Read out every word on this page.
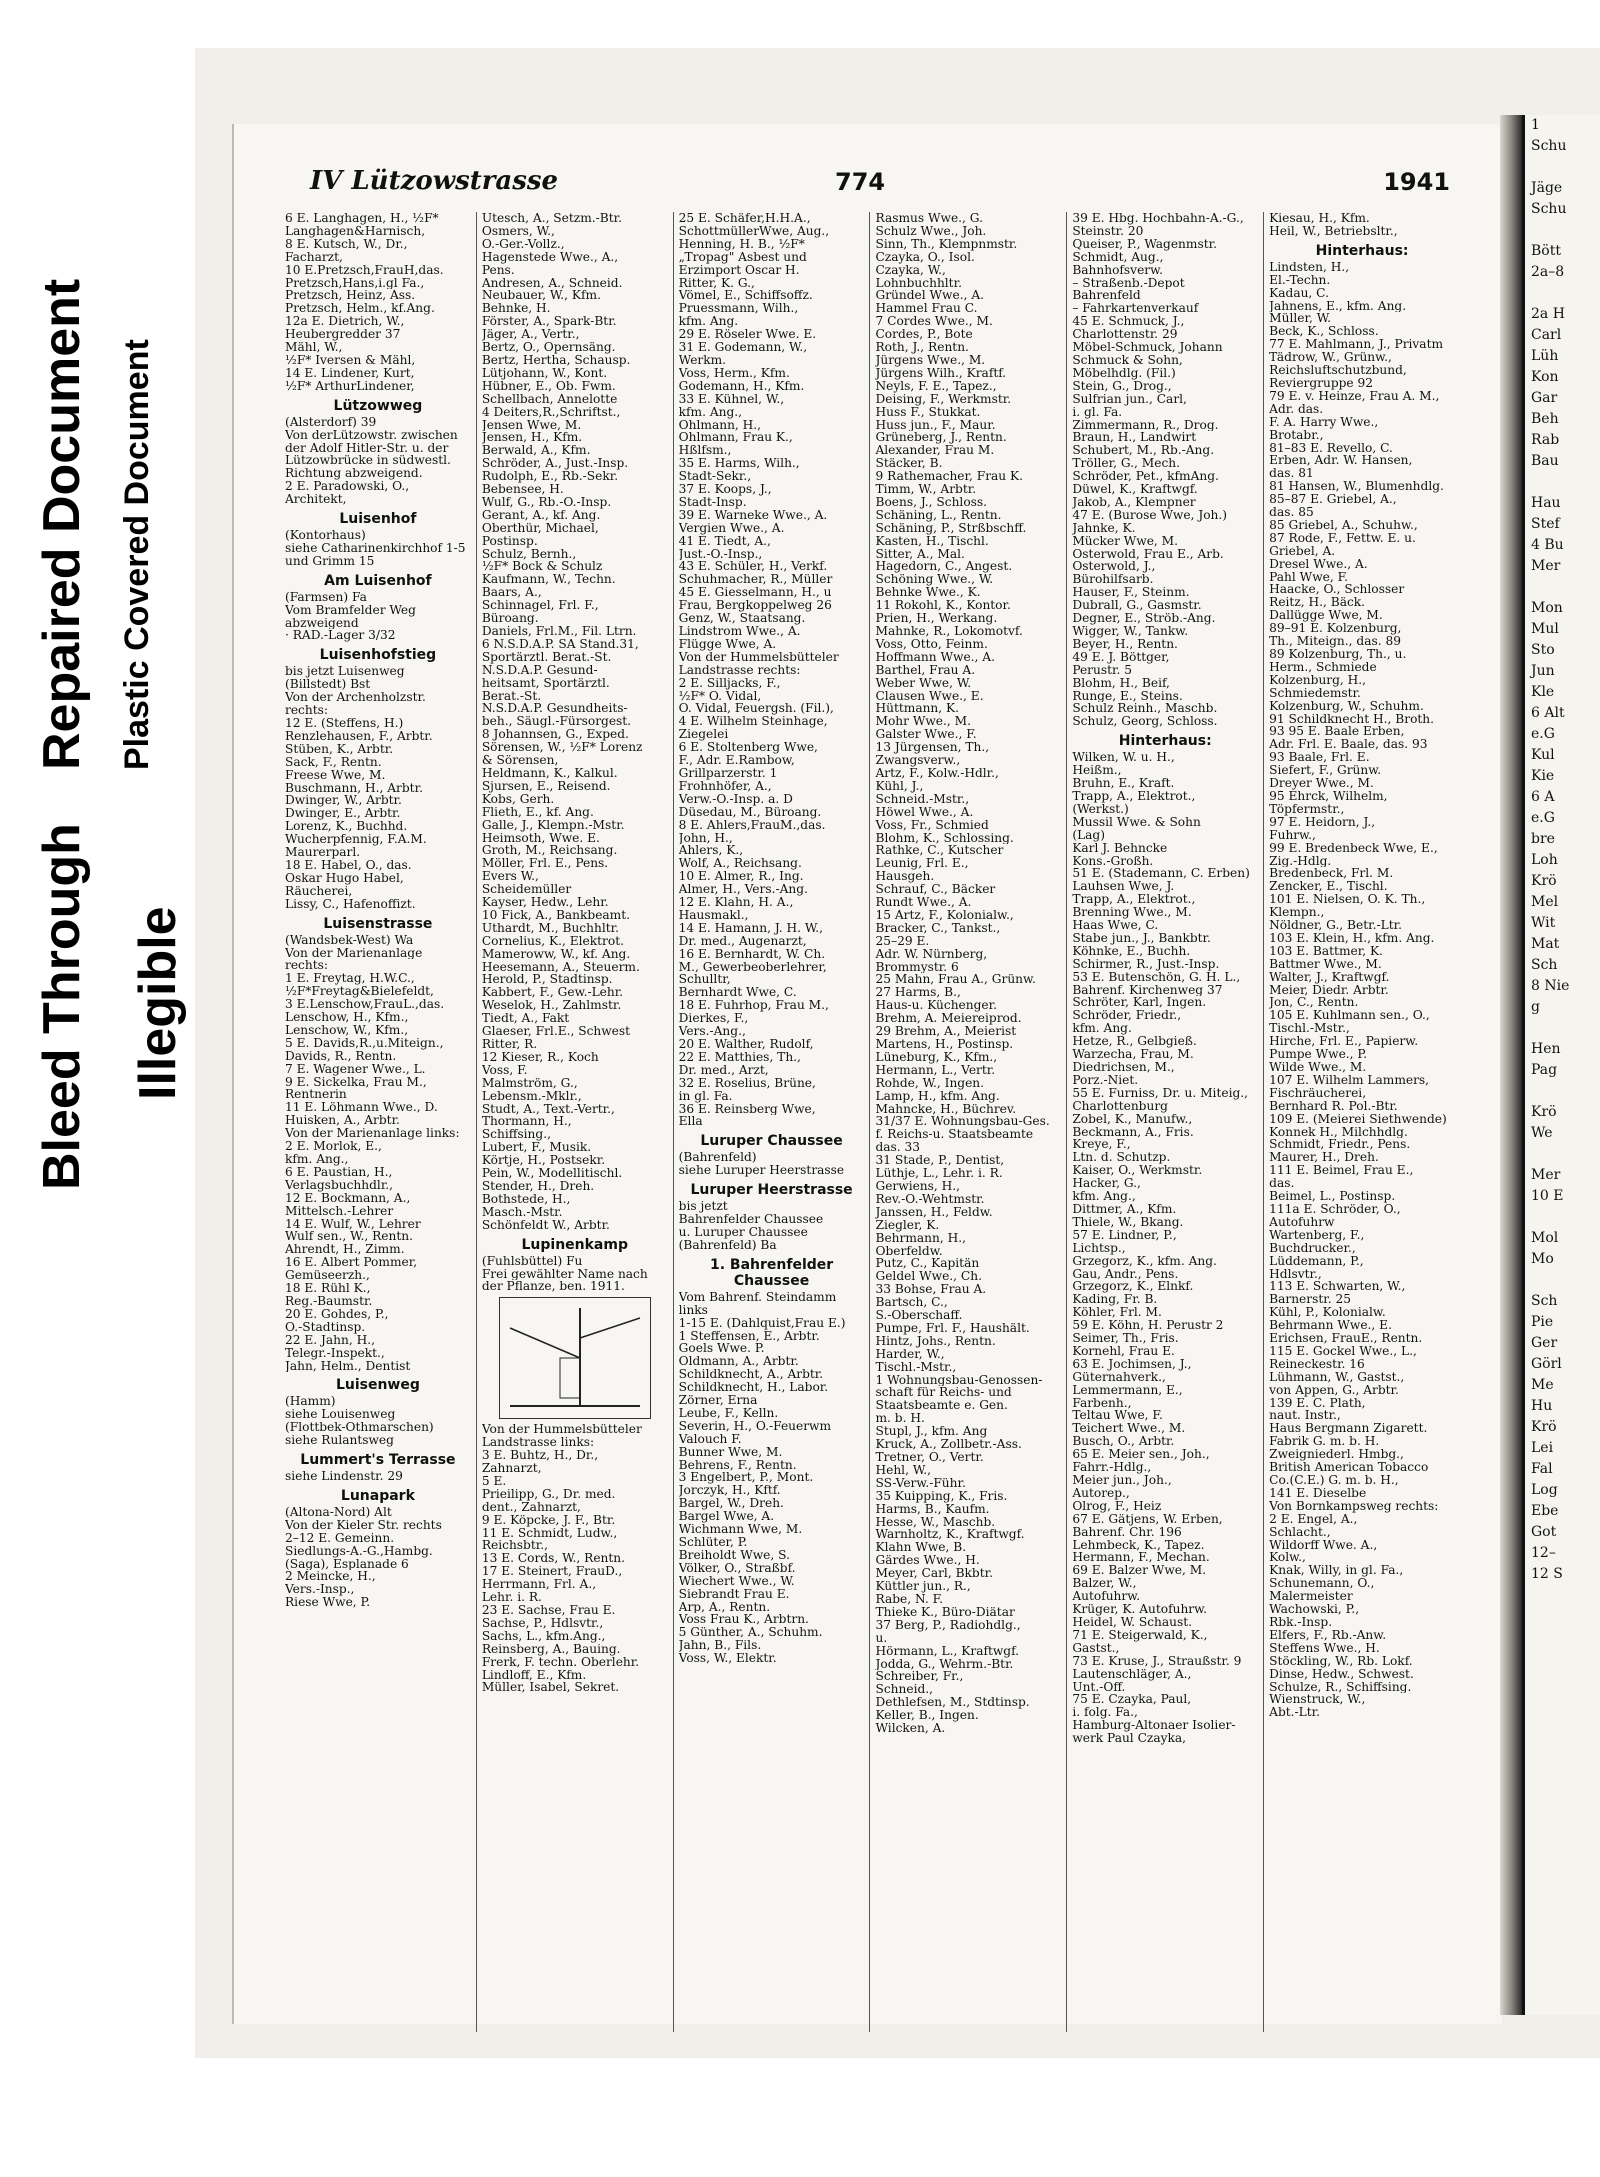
Bleed Through
Repaired Document
Illegible
Plastic Covered Document
1
Schu

Jäge
Schu

Bött
2a–8

2a H
Carl
Lüh
Kon
Gar
Beh
Rab
Bau

Hau
Stef
4 Bu
Mer

Mon
Mul
Sto
Jun
Kle
6 Alt
e.G
Kul
Kie
6 A
e.G
bre
Loh
Krö
Mel
Wit
Mat
Sch
8 Nie
g

Hen
Pag

Krö
We

Mer
10 E

Mol
Mo

Sch
Pie
Ger
Görl
Me
Hu
Krö
Lei
Fal
Log
Ebe
Got
12–
12 S
IV Lützowstrasse	774	1941
6 E. Langhagen, H., ½F*
Langhagen&Harnisch,
8 E. Kutsch, W., Dr.,
Facharzt,
10 E.Pretzsch,FrauH,das.
Pretzsch,Hans,i.gl Fa.,
Pretzsch, Heinz, Ass.
Pretzsch, Helm., kf.Ang.
12a E. Dietrich, W.,
Heubergredder 37
Mähl, W.,
½F* Iversen & Mähl,
14 E. Lindener, Kurt,
½F* ArthurLindener,
Lützowweg
(Alsterdorf) 39
Von derLützowstr. zwischen
der Adolf Hitler-Str. u. der
Lützowbrücke in südwestl.
Richtung abzweigend.
2 E. Paradowski, O.,
Architekt,
Luisenhof
(Kontorhaus)
siehe Catharinenkirchhof 1-5
und Grimm 15
Am Luisenhof
(Farmsen) Fa
Vom Bramfelder Weg
abzweigend
· RAD.-Lager 3/32
Luisenhofstieg
bis jetzt Luisenweg
(Billstedt) Bst
Von der Archenholzstr.
rechts:
12 E. (Steffens, H.)
Renzlehausen, F., Arbtr.
Stüben, K., Arbtr.
Sack, F., Rentn.
Freese Wwe, M.
Buschmann, H., Arbtr.
Dwinger, W., Arbtr.
Dwinger, E., Arbtr.
Lorenz, K., Buchhd.
Wucherpfennig, F.A.M.
Maurerparl.
18 E. Habel, O., das.
Oskar Hugo Habel,
Räucherei,
Lissy, C., Hafenoffizt.
Luisenstrasse
(Wandsbek-West) Wa
Von der Marienanlage
rechts:
1 E. Freytag, H.W.C.,
½F*Freytag&Bielefeldt,
3 E.Lenschow,FrauL.,das.
Lenschow, H., Kfm.,
Lenschow, W., Kfm.,
5 E. Davids,R.,u.Miteign.,
Davids, R., Rentn.
7 E. Wagener Wwe., L.
9 E. Sickelka, Frau M.,
Rentnerin
11 E. Löhmann Wwe., D.
Huisken, A., Arbtr.
Von der Marienanlage links:
2 E. Morlok, E.,
kfm. Ang.,
6 E. Paustian, H.,
Verlagsbuchhdlr.,
12 E. Bockmann, A.,
Mittelsch.-Lehrer
14 E. Wulf, W., Lehrer
Wulf sen., W., Rentn.
Ahrendt, H., Zimm.
16 E. Albert Pommer,
Gemüseerzh.,
18 E. Rühl K.,
Reg.-Baumstr.
20 E. Gohdes, P.,
O.-Stadtinsp.
22 E. Jahn, H.,
Telegr.-Inspekt.,
Jahn, Helm., Dentist
Luisenweg
(Hamm)
siehe Louisenweg
(Flottbek-Othmarschen)
siehe Rulantsweg
Lummert's Terrasse
siehe Lindenstr. 29
Lunapark
(Altona-Nord) Alt
Von der Kieler Str. rechts
2–12 E. Gemeinn.
Siedlungs-A.-G.,Hambg.
(Saga), Esplanade 6
2 Meincke, H.,
Vers.-Insp.,
Riese Wwe, P.
Utesch, A., Setzm.-Btr.
Osmers, W.,
O.-Ger.-Vollz.,
Hagenstede Wwe., A.,
Pens.
Andresen, A., Schneid.
Neubauer, W., Kfm.
Behnke, H.
Förster, A., Spark-Btr.
Jäger, A., Vertr.,
Bertz, O., Opernsäng.
Bertz, Hertha, Schausp.
Lütjohann, W., Kont.
Hübner, E., Ob. Fwm.
Schellbach, Annelotte
4 Deiters,R.,Schriftst.,
Jensen Wwe, M.
Jensen, H., Kfm.
Berwald, A., Kfm.
Schröder, A., Just.-Insp.
Rudolph, E., Rb.-Sekr.
Bebensee, H.
Wulf, G., Rb.-O.-Insp.
Gerant, A., kf. Ang.
Oberthür, Michael,
Postinsp.
Schulz, Bernh.,
½F* Bock & Schulz
Kaufmann, W., Techn.
Baars, A.,
Schinnagel, Frl. F.,
Büroang.
Daniels, Frl.M., Fil. Ltrn.
6 N.S.D.A.P. SA Stand.31,
Sportärztl. Berat.-St.
N.S.D.A.P. Gesund-
heitsamt, Sportärztl.
Berat.-St.
N.S.D.A.P. Gesundheits-
beh., Säugl.-Fürsorgest.
8 Johannsen, G., Exped.
Sörensen, W., ½F* Lorenz
& Sörensen,
Heldmann, K., Kalkul.
Sjursen, E., Reisend.
Kobs, Gerh.
Flieth, E., kf. Ang.
Galle, J., Klempn.-Mstr.
Heimsoth, Wwe. E.
Groth, M., Reichsang.
Möller, Frl. E., Pens.
Evers W.,
Scheidemüller
Kayser, Hedw., Lehr.
10 Fick, A., Bankbeamt.
Uthardt, M., Buchhltr.
Cornelius, K., Elektrot.
Mameroww, W., kf. Ang.
Heesemann, A., Steuerm.
Herold, P., Stadtinsp.
Kabbert, F., Gew.-Lehr.
Weselok, H., Zahlmstr.
Tiedt, A., Fakt
Glaeser, Frl.E., Schwest
Ritter, R.
12 Kieser, R., Koch
Voss, F.
Malmström, G.,
Lebensm.-Mklr.,
Studt, A., Text.-Vertr.,
Thormann, H.,
Schiffsing.,
Lubert, F., Musik.
Körtje, H., Postsekr.
Pein, W., Modellitischl.
Stender, H., Dreh.
Bothstede, H.,
Masch.-Mstr.
Schönfeldt W., Arbtr.
Lupinenkamp
(Fuhlsbüttel) Fu
Frei gewählter Name nach
der Pflanze, ben. 1911.
Von der Hummelsbütteler
Landstrasse links:
3 E. Buhtz, H., Dr.,
Zahnarzt,
5 E.
Prieilipp, G., Dr. med.
dent., Zahnarzt,
9 E. Köpcke, J. F., Btr.
11 E. Schmidt, Ludw.,
Reichsbtr.,
13 E. Cords, W., Rentn.
17 E. Steinert, FrauD.,
Herrmann, Frl. A.,
Lehr. i. R.
23 E. Sachse, Frau E.
Sachse, P., Hdlsvtr.,
Sachs, L., kfm.Ang.,
Reinsberg, A., Bauing.
Frerk, F. techn. Oberlehr.
Lindloff, E., Kfm.
Müller, Isabel, Sekret.
25 E. Schäfer,H.H.A.,
SchottmüllerWwe, Aug.,
Henning, H. B., ½F*
„Tropag" Asbest und
Erzimport Oscar H.
Ritter, K. G.,
Vömel, E., Schiffsoffz.
Pruessmann, Wilh.,
kfm. Ang.
29 E. Röseler Wwe. E.
31 E. Godemann, W.,
Werkm.
Voss, Herm., Kfm.
Godemann, H., Kfm.
33 E. Kühnel, W.,
kfm. Ang.,
Ohlmann, H.,
Ohlmann, Frau K.,
Hßlfsm.,
35 E. Harms, Wilh.,
Stadt-Sekr.,
37 E. Koops, J.,
Stadt-Insp.
39 E. Warneke Wwe., A.
Vergien Wwe., A.
41 E. Tiedt, A.,
Just.-O.-Insp.,
43 E. Schüler, H., Verkf.
Schuhmacher, R., Müller
45 E. Giesselmann, H., u
Frau, Bergkoppelweg 26
Genz, W., Staatsang.
Lindstrom Wwe., A.
Flügge Wwe, A.
Von der Hummelsbütteler
Landstrasse rechts:
2 E. Silljacks, F.,
½F* O. Vidal,
O. Vidal, Feuergsh. (Fil.),
4 E. Wilhelm Steinhage,
Ziegelei
6 E. Stoltenberg Wwe,
F., Adr. E.Rambow,
Grillparzerstr. 1
Frohnhöfer, A.,
Verw.-O.-Insp. a. D
Düsedau, M., Büroang.
8 E. Ahlers,FrauM.,das.
John, H.,
Ahlers, K.,
Wolf, A., Reichsang.
10 E. Almer, R., Ing.
Almer, H., Vers.-Ang.
12 E. Klahn, H. A.,
Hausmakl.,
14 E. Hamann, J. H. W.,
Dr. med., Augenarzt,
16 E. Bernhardt, W. Ch.
M., Gewerbeoberlehrer,
Schulltr,
Bernhardt Wwe, C.
18 E. Fuhrhop, Frau M.,
Dierkes, F.,
Vers.-Ang.,
20 E. Walther, Rudolf,
22 E. Matthies, Th.,
Dr. med., Arzt,
32 E. Roselius, Brüne,
in gl. Fa.
36 E. Reinsberg Wwe,
Ella
Luruper Chaussee
(Bahrenfeld)
siehe Luruper Heerstrasse
Luruper Heerstrasse
bis jetzt
Bahrenfelder Chaussee
u. Luruper Chaussee
(Bahrenfeld) Ba
1. Bahrenfelder Chaussee
Vom Bahrenf. Steindamm
links
1-15 E. (Dahlquist,Frau E.)
1 Steffensen, E., Arbtr.
Goels Wwe. P.
Oldmann, A., Arbtr.
Schildknecht, A., Arbtr.
Schildknecht, H., Labor.
Zörner, Erna
Leube, F., Kelln.
Severin, H., O.-Feuerwm
Valouch F.
Bunner Wwe, M.
Behrens, F., Rentn.
3 Engelbert, P., Mont.
Jorczyk, H., Kftf.
Bargel, W., Dreh.
Bargel Wwe, A.
Wichmann Wwe, M.
Schlüter, P.
Breiholdt Wwe, S.
Völker, O., Straßbf.
Wiechert Wwe., W.
Siebrandt Frau E.
Arp, A., Rentn.
Voss Frau K., Arbtrn.
5 Günther, A., Schuhm.
Jahn, B., Fils.
Voss, W., Elektr.
Rasmus Wwe., G.
Schulz Wwe., Joh.
Sinn, Th., Klempnmstr.
Czayka, O., Isol.
Czayka, W.,
Lohnbuchhltr.
Gründel Wwe., A.
Hammel Frau C.
7 Cordes Wwe., M.
Cordes, P., Bote
Roth, J., Rentn.
Jürgens Wwe., M.
Jürgens Wilh., Kraftf.
Neyls, F. E., Tapez.,
Deising, F., Werkmstr.
Huss F., Stukkat.
Huss jun., F., Maur.
Grüneberg, J., Rentn.
Alexander, Frau M.
Stäcker, B.
9 Rathemacher, Frau K.
Timm, W., Arbtr.
Boens, J., Schloss.
Schäning, L., Rentn.
Schäning, P., Strßbschff.
Kasten, H., Tischl.
Sitter, A., Mal.
Hagedorn, C., Angest.
Schöning Wwe., W.
Behnke Wwe., K.
11 Rokohl, K., Kontor.
Prien, H., Werkang.
Mahnke, R., Lokomotvf.
Voss, Otto, Feinm.
Hoffmann Wwe., A.
Barthel, Frau A.
Weber Wwe, W.
Clausen Wwe., E.
Hüttmann, K.
Mohr Wwe., M.
Galster Wwe., F.
13 Jürgensen, Th.,
Zwangsverw.,
Artz, F., Kolw.-Hdlr.,
Kühl, J.,
Schneid.-Mstr.,
Höwel Wwe., A.
Voss, Fr., Schmied
Blohm, K., Schlossing.
Rathke, C., Kutscher
Leunig, Frl. E.,
Hausgeh.
Schrauf, C., Bäcker
Rundt Wwe., A.
15 Artz, F., Kolonialw.,
Bracker, C., Tankst.,
25–29 E.
Adr. W. Nürnberg,
Brommystr. 6
25 Mahn, Frau A., Grünw.
27 Harms, B.,
Haus-u. Küchenger.
Brehm, A. Meiereiprod.
29 Brehm, A., Meierist
Martens, H., Postinsp.
Lüneburg, K., Kfm.,
Hermann, L., Vertr.
Rohde, W., Ingen.
Lamp, H., kfm. Ang.
Mahncke, H., Büchrev.
31/37 E. Wohnungsbau-Ges.
f. Reichs-u. Staatsbeamte
das. 33
31 Stade, P., Dentist,
Lüthje, L., Lehr. i. R.
Gerwiens, H.,
Rev.-O.-Wehtmstr.
Janssen, H., Feldw.
Ziegler, K.
Behrmann, H.,
Oberfeldw.
Putz, C., Kapitän
Geldel Wwe., Ch.
33 Bohse, Frau A.
Bartsch, C.,
S.-Oberschaff.
Pumpe, Frl. F., Haushält.
Hintz, Johs., Rentn.
Harder, W.,
Tischl.-Mstr.,
1 Wohnungsbau-Genossen-
schaft für Reichs- und
Staatsbeamte e. Gen.
m. b. H.
Stupl, J., kfm. Ang
Kruck, A., Zollbetr.-Ass.
Tretner, O., Vertr.
Hehl, W.,
SS-Verw.-Führ.
35 Kuipping, K., Fris.
Harms, B., Kaufm.
Hesse, W., Maschb.
Warnholtz, K., Kraftwgf.
Klahn Wwe, B.
Gärdes Wwe., H.
Meyer, Carl, Bkbtr.
Küttler jun., R.,
Rabe, N. F.
Thieke K., Büro-Diätar
37 Berg, P., Radiohdlg.,
u.
Hörmann, L., Kraftwgf.
Jodda, G., Wehrm.-Btr.
Schreiber, Fr.,
Schneid.,
Dethlefsen, M., Stdtinsp.
Keller, B., Ingen.
Wilcken, A.
39 E. Hbg. Hochbahn-A.-G.,
Steinstr. 20
Queiser, P., Wagenmstr.
Schmidt, Aug.,
Bahnhofsverw.
– Straßenb.-Depot
Bahrenfeld
– Fahrkartenverkauf
45 E. Schmuck, J.,
Charlottenstr. 29
Möbel-Schmuck, Johann
Schmuck & Sohn,
Möbelhdlg. (Fil.)
Stein, G., Drog.,
Sulfrian jun., Carl,
i. gl. Fa.
Zimmermann, R., Drog.
Braun, H., Landwirt
Schubert, M., Rb.-Ang.
Tröller, G., Mech.
Schröder, Pet., kfmAng.
Düwel, K., Kraftwgf.
Jakob, A., Klempner
47 E. (Burose Wwe, Joh.)
Jahnke, K.
Mücker Wwe, M.
Osterwold, Frau E., Arb.
Osterwold, J.,
Bürohilfsarb.
Hauser, F., Steinm.
Dubrall, G., Gasmstr.
Degner, E., Ströb.-Ang.
Wigger, W., Tankw.
Beyer, H., Rentn.
49 E. J. Böttger,
Perustr. 5
Blohm, H., Beif,
Runge, E., Steins.
Schulz Reinh., Maschb.
Schulz, Georg, Schloss.
Hinterhaus:
Wilken, W. u. H.,
Heißm.,
Bruhn, E., Kraft.
Trapp, A., Elektrot.,
(Werkst.)
Mussil Wwe. & Sohn
(Lag)
Karl J. Behncke
Kons.-Großh.
51 E. (Stademann, C. Erben)
Lauhsen Wwe, J.
Trapp, A., Elektrot.,
Brenning Wwe., M.
Haas Wwe, C.
Stabe jun., J., Bankbtr.
Köhnke, E., Buchh.
Schirmer, R., Just.-Insp.
53 E. Butenschön, G. H. L.,
Bahrenf. Kirchenweg 37
Schröter, Karl, Ingen.
Schröder, Friedr.,
kfm. Ang.
Hetze, R., Gelbgieß.
Warzecha, Frau, M.
Diedrichsen, M.,
Porz.-Niet.
55 E. Furniss, Dr. u. Miteig.,
Charlottenburg
Zobel, K., Manufw.,
Beckmann, A., Fris.
Kreye, F.,
Ltn. d. Schutzp.
Kaiser, O., Werkmstr.
Hacker, G.,
kfm. Ang.,
Dittmer, A., Kfm.
Thiele, W., Bkang.
57 E. Lindner, P.,
Lichtsp.,
Grzegorz, K., kfm. Ang.
Gau, Andr., Pens.
Grzegorz, K., Elnkf.
Kading, Fr. B.
Köhler, Frl. M.
59 E. Köhn, H. Perustr 2
Seimer, Th., Fris.
Kornehl, Frau E.
63 E. Jochimsen, J.,
Güternahverk.,
Lemmermann, E.,
Farbenh.,
Teltau Wwe, F.
Teichert Wwe., M.
Busch, O., Arbtr.
65 E. Meier sen., Joh.,
Fahrr.-Hdlg.,
Meier jun., Joh.,
Autorep.,
Olrog, F., Heiz
67 E. Gätjens, W. Erben,
Bahrenf. Chr. 196
Lehmbeck, K., Tapez.
Hermann, F., Mechan.
69 E. Balzer Wwe, M.
Balzer, W.,
Autofuhrw.
Krüger, K. Autofuhrw.
Heidel, W. Schaust.
71 E. Steigerwald, K.,
Gastst.,
73 E. Kruse, J., Straußstr. 9
Lautenschläger, A.,
Unt.-Off.
75 E. Czayka, Paul,
i. folg. Fa.,
Hamburg-Altonaer Isolier-
werk Paul Czayka,
Kiesau, H., Kfm.
Heil, W., Betriebsltr.,
Hinterhaus:
Lindsten, H.,
El.-Techn.
Kadau, C.
Jahnens, E., kfm. Ang.
Müller, W.
Beck, K., Schloss.
77 E. Mahlmann, J., Privatm
Tädrow, W., Grünw.,
Reichsluftschutzbund,
Reviergruppe 92
79 E. v. Heinze, Frau A. M.,
Adr. das.
F. A. Harry Wwe.,
Brotabr.,
81–83 E. Revello, C.
Erben, Adr. W. Hansen,
das. 81
81 Hansen, W., Blumenhdlg.
85–87 E. Griebel, A.,
das. 85
85 Griebel, A., Schuhw.,
87 Rode, F., Fettw. E. u.
Griebel, A.
Dresel Wwe., A.
Pahl Wwe, F.
Haacke, O., Schlosser
Reitz, H., Bäck.
Dallügge Wwe, M.
89–91 E. Kolzenburg,
Th., Miteign., das. 89
89 Kolzenburg, Th., u.
Herm., Schmiede
Kolzenburg, H.,
Schmiedemstr.
Kolzenburg, W., Schuhm.
91 Schildknecht H., Broth.
93 95 E. Baale Erben,
Adr. Frl. E. Baale, das. 93
93 Baale, Frl. E.
Siefert, F., Grünw.
Dreyer Wwe., M.
95 Ehrck, Wilhelm,
Töpfermstr.,
97 E. Heidorn, J.,
Fuhrw.,
99 E. Bredenbeck Wwe, E.,
Zig.-Hdlg.
Bredenbeck, Frl. M.
Zencker, E., Tischl.
101 E. Nielsen, O. K. Th.,
Klempn.,
Nöldner, G., Betr.-Ltr.
103 E. Klein, H., kfm. Ang.
103 E. Battmer, K.
Battmer Wwe., M.
Walter, J., Kraftwgf.
Meier, Diedr. Arbtr.
Jon, C., Rentn.
105 E. Kuhlmann sen., O.,
Tischl.-Mstr.,
Hirche, Frl. E., Papierw.
Pumpe Wwe., P.
Wilde Wwe., M.
107 E. Wilhelm Lammers,
Fischräucherei,
Bernhard R. Pol.-Btr.
109 E. (Meierei Siethwende)
Konnek H., Milchhdlg.
Schmidt, Friedr., Pens.
Maurer, H., Dreh.
111 E. Beimel, Frau E.,
das.
Beimel, L., Postinsp.
111a E. Schröder, O.,
Autofuhrw
Wartenberg, F.,
Buchdrucker.,
Lüddemann, P.,
Hdlsvtr.,
113 E. Schwarten, W.,
Barnerstr. 25
Kühl, P., Kolonialw.
Behrmann Wwe., E.
Erichsen, FrauE., Rentn.
115 E. Gockel Wwe., L.,
Reineckestr. 16
Lühmann, W., Gastst.,
von Appen, G., Arbtr.
139 E. C. Plath,
naut. Instr.,
Haus Bergmann Zigarett.
Fabrik G. m. b. H.
Zweigniederl. Hmbg.,
British American Tobacco
Co.(C.E.) G. m. b. H.,
141 E. Dieselbe
Von Bornkampsweg rechts:
2 E. Engel, A.,
Schlacht.,
Wildorff Wwe. A.,
Kolw.,
Knak, Willy, in gl. Fa.,
Schunemann, O.,
Malermeister
Wachowski, P.,
Rbk.-Insp.
Elfers, F., Rb.-Anw.
Steffens Wwe., H.
Stöckling, W., Rb. Lokf.
Dinse, Hedw., Schwest.
Schulze, R., Schiffsing.
Wienstruck, W.,
Abt.-Ltr.
